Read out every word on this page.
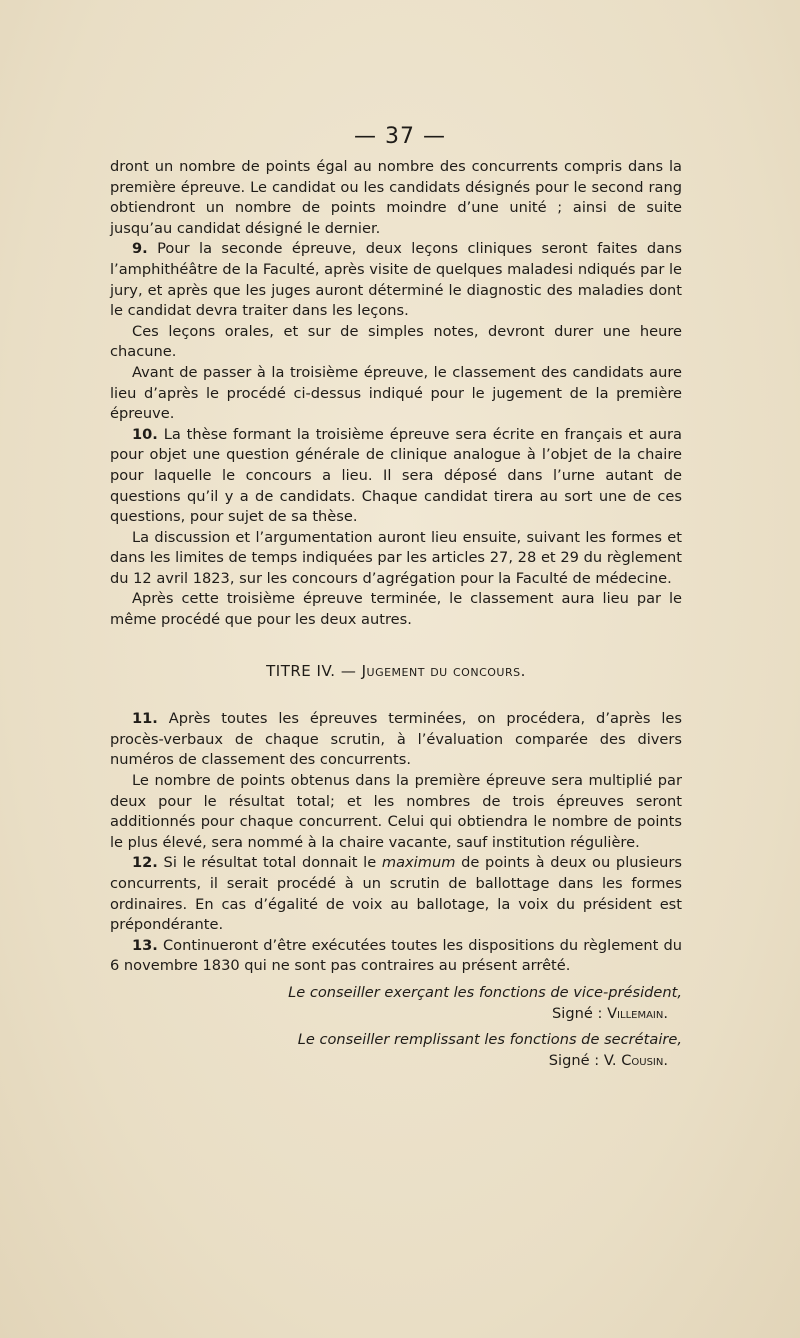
— 37 —

dront un nombre de points égal au nombre des concurrents compris dans la première épreuve. Le candidat ou les candidats désignés pour le second rang obtiendront un nombre de points moindre d’une unité ; ainsi de suite jusqu’au candidat désigné le dernier.

9. Pour la seconde épreuve, deux leçons cliniques seront faites dans l’amphithéâtre de la Faculté, après visite de quelques maladesi ndiqués par le jury, et après que les juges auront déterminé le diagnostic des maladies dont le candidat devra traiter dans les leçons.

Ces leçons orales, et sur de simples notes, devront durer une heure chacune.

Avant de passer à la troisième épreuve, le classement des candidats aure lieu d’après le procédé ci-dessus indiqué pour le jugement de la première épreuve.

10. La thèse formant la troisième épreuve sera écrite en français et aura pour objet une question générale de clinique analogue à l’objet de la chaire pour laquelle le concours a lieu. Il sera déposé dans l’urne autant de questions qu’il y a de candidats. Chaque candidat tirera au sort une de ces questions, pour sujet de sa thèse.

La discussion et l’argumentation auront lieu ensuite, suivant les formes et dans les limites de temps indiquées par les articles 27, 28 et 29 du règlement du 12 avril 1823, sur les concours d’agrégation pour la Faculté de médecine.

Après cette troisième épreuve terminée, le classement aura lieu par le même procédé que pour les deux autres.

TITRE IV. — Jugement du concours.

11. Après toutes les épreuves terminées, on procédera, d’après les procès-verbaux de chaque scrutin, à l’évaluation comparée des divers numéros de classement des concurrents.

Le nombre de points obtenus dans la première épreuve sera multiplié par deux pour le résultat total; et les nombres de trois épreuves seront additionnés pour chaque concurrent. Celui qui obtiendra le nombre de points le plus élevé, sera nommé à la chaire vacante, sauf institution régulière.

12. Si le résultat total donnait le maximum de points à deux ou plusieurs concurrents, il serait procédé à un scrutin de ballottage dans les formes ordinaires. En cas d’égalité de voix au ballotage, la voix du président est prépondérante.

13. Continueront d’être exécutées toutes les dispositions du règlement du 6 novembre 1830 qui ne sont pas contraires au présent arrêté.

Le conseiller exerçant les fonctions de vice-président,

Signé : Villemain.

Le conseiller remplissant les fonctions de secrétaire,

Signé : V. Cousin.
